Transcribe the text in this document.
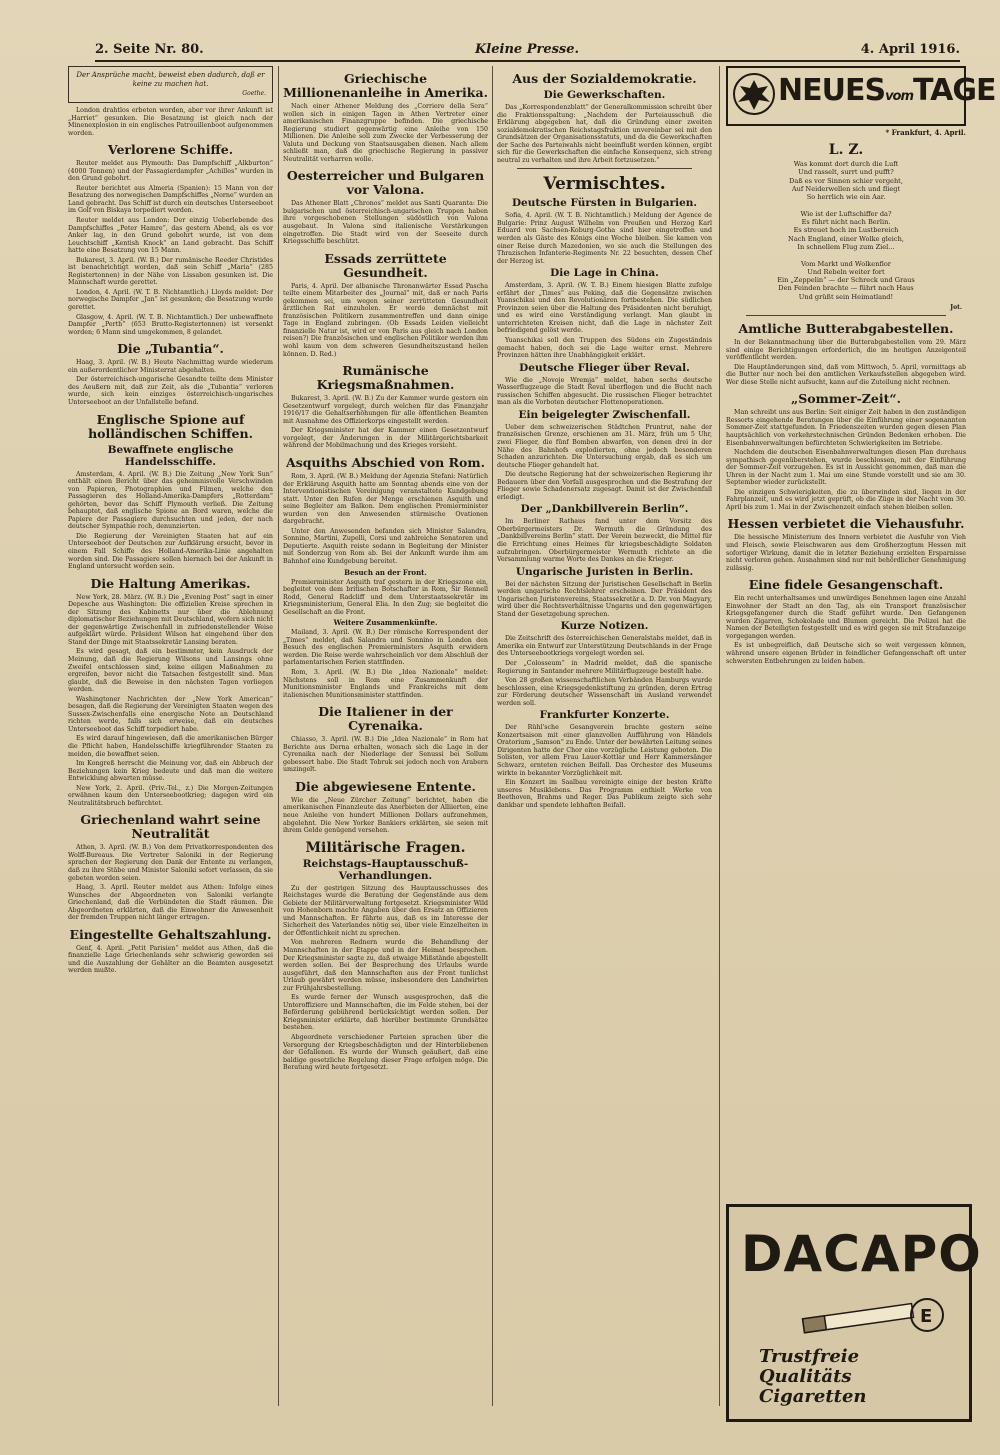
2. Seite Nr. 80.	Kleine Presse.	4. April 1916.
Der Ansprüche macht, beweist eben dadurch, daß er keine zu machen hat.
Goethe.

London drahtlos erbeten worden, aber vor ihrer Ankunft ist „Harriet“ gesunken. Die Besatzung ist gleich nach der Minenexplosion in ein englisches Patrouillenboot aufgenommen worden.

Verlorene Schiffe.

Reuter meldet aus Plymouth: Das Dampfschiff „Alkburton“ (4000 Tonnen) und der Passagierdampfer „Achilles“ wurden in den Grund gebohrt.

Reuter berichtet aus Almeria (Spanien): 15 Mann von der Besatzung des norwegischen Dampfschiffes „Norne“ wurden an Land gebracht. Das Schiff ist durch ein deutsches Unterseeboot im Golf von Biskaya torpediert worden.

Reuter meldet aus London: Der einzig Ueberlebende des Dampfschiffes „Peter Hamre“, das gestern Abend, als es vor Anker lag, in den Grund gebohrt wurde, ist von dem Leuchtschiff „Kentish Knock“ an Land gebracht. Das Schiff hatte eine Besatzung von 15 Mann.

Bukarest, 3. April. (W. B.) Der rumänische Reeder Christides ist benachrichtigt worden, daß sein Schiff „Maria“ (285 Registertonnen) in der Nähe von Lissabon gesunken ist. Die Mannschaft wurde gerettet.

London, 4. April. (W. T. B. Nichtamtlich.) Lloyds meldet: Der norwegische Dampfer „Jan“ ist gesunken; die Besatzung wurde gerettet.

Glasgow, 4. April. (W. T. B. Nichtamtlich.) Der unbewaffnete Dampfer „Perth“ (653 Brutto-Registertonnen) ist versenkt worden; 6 Mann sind umgekommen, 8 gelandet.

Die „Tubantia“.

Haag, 3. April. (W. B.) Heute Nachmittag wurde wiederum ein außerordentlicher Ministerrat abgehalten.

Der österreichisch-ungarische Gesandte teilte dem Minister des Aeußern mit, daß zur Zeit, als die „Tubantia“ verloren wurde, sich kein einziges österreichisch-ungarisches Unterseeboot an der Unfallstelle befand.

Englische Spione auf holländischen Schiffen.
Bewaffnete englische Handelsschiffe.

Amsterdam, 4. April. (W. B.) Die Zeitung „New York Sun“ enthält einen Bericht über das geheimnisvolle Verschwinden von Papieren, Photographien und Filmen, welche den Passagieren des Holland-Amerika-Dampfers „Rotterdam“ gehörten, bevor das Schiff Plymouth verließ. Die Zeitung behauptet, daß englische Spione an Bord waren, welche die Papiere der Passagiere durchsuchten und jeden, der nach deutscher Sympathie roch, denunzierten.

Die Regierung der Vereinigten Staaten hat auf ein Unterseeboot der Deutschen zur Aufklärung ersucht, bevor in einem Fall Schiffe des Holland-Amerika-Linie angehalten worden sind. Die Passagiere sollen hiernach bei der Ankunft in England untersucht worden sein.

Die Haltung Amerikas.

New York, 28. März. (W. B.) Die „Evening Post“ sagt in einer Depesche aus Washington: Die offiziellen Kreise sprechen in der Sitzung des Kabinetts nur über die Ablehnung diplomatischer Beziehungen mit Deutschland, wofern sich nicht der gegenwärtige Zwischenfall in zufriedenstellender Weise aufgeklärt würde. Präsident Wilson hat eingehend über den Stand der Dinge mit Staatssekretär Lansing beraten.

Es wird gesagt, daß ein bestimmter, kein Ausdruck der Meinung, daß die Regierung Wilsons und Lansings ohne Zweifel entschlossen sind, keine eiligen Maßnahmen zu ergreifen, bevor nicht die Tatsachen festgestellt sind. Man glaubt, daß die Beweise in den nächsten Tagen vorliegen werden.

Washingtoner Nachrichten der „New York American“ besagen, daß die Regierung der Vereinigten Staaten wegen des Sussex-Zwischenfalls eine energische Note an Deutschland richten werde, falls sich erweise, daß ein deutsches Unterseeboot das Schiff torpediert habe.

Es wird darauf hingewiesen, daß die amerikanischen Bürger die Pflicht haben, Handelsschiffe kriegführender Staaten zu meiden, die bewaffnet seien.

Im Kongreß herrscht die Meinung vor, daß ein Abbruch der Beziehungen kein Krieg bedeute und daß man die weitere Entwicklung abwarten müsse.

New York, 2. April. (Priv.-Tel., z.) Die Morgen-Zeitungen erwähnen kaum den Unterseebootkrieg; dagegen wird ein Neutralitätsbruch befürchtet.

Griechenland wahrt seine Neutralität

Athen, 3. April. (W. B.) Von dem Privatkorrespondenten des Wolff-Bureaus. Die Vertreter Saloniki in der Regierung sprachen der Regierung den Dank der Entente zu verlangen, daß zu ihre Stäbe und Minister Saloniki sofort verlassen, da sie gebeten worden seien.

Haag, 3. April. Reuter meldet aus Athen: Infolge eines Wunsches der Abgeordneten von Saloniki verlangte Griechenland, daß die Verbündeten die Stadt räumen. Die Abgeordneten erklärten, daß die Einwohner die Anwesenheit der fremden Truppen nicht länger ertragen.

Eingestellte Gehaltszahlung.

Genf, 4. April. „Petit Parisien“ meldet aus Athen, daß die finanzielle Lage Griechenlands sehr schwierig geworden sei und die Auszahlung der Gehälter an die Beamten ausgesetzt werden mußte.

Griechische Millionenanleihe in Amerika.

Nach einer Athener Meldung des „Corriere della Sera“ wollen sich in einigen Tagen in Athen Vertreter einer amerikanischen Finanzgruppe befinden. Die griechische Regierung studiert gegenwärtig eine Anleihe von 150 Millionen. Die Anleihe soll zum Zwecke der Verbesserung der Valuta und Deckung von Staatsausgaben dienen. Nach allem schließt man, daß die griechische Regierung in passiver Neutralität verharren wolle.

Oesterreicher und Bulgaren vor Valona.

Das Athener Blatt „Chronos“ meldet aus Santi Quaranta: Die bulgarischen und österreichisch-ungarischen Truppen haben ihre vorgeschobenen Stellungen südöstlich von Valona ausgebaut. In Valona sind italienische Verstärkungen eingetroffen. Die Stadt wird von der Seeseite durch Kriegsschiffe beschützt.

Essads zerrüttete Gesundheit.

Paris, 4. April. Der albanische Thronanwärter Essad Pascha teilte einem Mitarbeiter des „Journal“ mit, daß er nach Paris gekommen sei, um wegen seiner zerrütteten Gesundheit ärztlichen Rat einzuholen. Er werde demnächst mit französischen Politikern zusammentreffen und dann einige Tage in England zubringen. (Ob Essads Leiden vielleicht finanzielle Natur ist, wird er von Paris aus gleich nach London reisen?) Die französischen und englischen Politiker werden ihm wohl kaum von dem schweren Gesundheitszustand heilen können. D. Red.)

Rumänische Kriegsmaßnahmen.

Bukarest, 3. April. (W. B.) Zu der Kammer wurde gestern ein Gesetzentwurf vorgelegt, durch welchen für das Finanzjahr 1916/17 die Gehaltserhöhungen für alle öffentlichen Beamten mit Ausnahme des Offizierkorps eingestellt werden.

Der Kriegsminister hat der Kammer einen Gesetzentwurf vorgelegt, der Änderungen in der Militärgerichtsbarkeit während der Mobilmachung und des Krieges vorsieht.

Asquiths Abschied von Rom.

Rom, 3. April. (W. B.) Meldung der Agenzia Stefani: Natürlich der Erklärung Asquith hatte am Sonntag abends eine von der Interventionistischen Vereinigung veranstaltete Kundgebung statt. Unter den Rufen der Menge erschienen Asquith und seine Begleiter am Balkon. Dem englischen Premierminister wurden von den Anwesenden stürmische Ovationen dargebracht.

Unter den Anwesenden befanden sich Minister Salandra, Sonnino, Martini, Zupelli, Corsi und zahlreiche Senatoren und Deputierte. Asquith reiste sodann in Begleitung der Minister mit Sonderzug von Rom ab. Bei der Ankunft wurde ihm am Bahnhof eine Kundgebung bereitet.

Besuch an der Front.

Premierminister Asquith traf gestern in der Kriegszone ein, begleitet von dem britischen Botschafter in Rom, Sir Rennell Rodd, General Radcliff und dem Unterstaatssekretär im Kriegsministerium, General Elia. In den Zug; sie begleitet die Gesellschaft an die Front.

Weitere Zusammenkünfte.

Mailand, 3. April. (W. B.) Der römische Korrespondent der „Times“ meldet, daß Salandra und Sonnino in London den Besuch des englischen Premierministers Asquith erwidern werden. Die Reise werde wahrscheinlich vor dem Abschluß der parlamentarischen Ferien stattfinden.

Rom, 3. April. (W. B.) Die „Idea Nazionale“ meldet: Nächstens soll in Rom eine Zusammenkunft der Munitionsminister Englands und Frankreichs mit dem italienischen Munitionsminister stattfinden.

Die Italiener in der Cyrenaika.

Chiasso, 3. April. (W. B.) Die „Idea Nazionale“ in Rom hat Berichte aus Derna erhalten, wonach sich die Lage in der Cyrenaika nach der Niederlage der Senussi bei Sollum gebessert habe. Die Stadt Tobruk sei jedoch noch von Arabern umzingelt.

Die abgewiesene Entente.

Wie die „Neue Zürcher Zeitung“ berichtet, haben die amerikanischen Finanzleute das Anerbieten der Alliierten, eine neue Anleihe von hundert Millionen Dollars aufzunehmen, abgelehnt. Die New Yorker Bankiers erklärten, sie seien mit ihrem Gelde genügend versehen.

Militärische Fragen.
Reichstags-Hauptausschuß-Verhandlungen.

Zu der gestrigen Sitzung des Hauptausschusses des Reichstages wurde die Beratung der Gegenstände aus dem Gebiete der Militärverwaltung fortgesetzt. Kriegsminister Wild von Hohenborn machte Angaben über den Ersatz an Offizieren und Mannschaften. Er führte aus, daß es im Interesse der Sicherheit des Vaterlandes nötig sei, über viele Einzelheiten in der Öffentlichkeit nicht zu sprechen.

Von mehreren Rednern wurde die Behandlung der Mannschaften in der Etappe und in der Heimat besprochen. Der Kriegsminister sagte zu, daß etwaige Mißstände abgestellt werden sollen. Bei der Besprechung des Urlaubs wurde ausgeführt, daß den Mannschaften aus der Front tunlichst Urlaub gewährt werden müsse, insbesondere den Landwirten zur Frühjahrsbestellung.

Es wurde ferner der Wunsch ausgesprochen, daß die Unteroffiziere und Mannschaften, die im Felde stehen, bei der Beförderung gebührend berücksichtigt werden sollen. Der Kriegsminister erklärte, daß hierüber bestimmte Grundsätze bestehen.

Abgeordnete verschiedener Parteien sprachen über die Versorgung der Kriegsbeschädigten und der Hinterbliebenen der Gefallenen. Es wurde der Wunsch geäußert, daß eine baldige gesetzliche Regelung dieser Frage erfolgen möge. Die Beratung wird heute fortgesetzt.

Aus der Sozialdemokratie.
Die Gewerkschaften.

Das „Korrespondenzblatt“ der Generalkommission schreibt über die Fraktionsspaltung: „Nachdem der Parteiausschuß die Erklärung abgegeben hat, daß die Gründung einer zweiten sozialdemokratischen Reichstagsfraktion unvereinbar sei mit den Grundsätzen der Organisationsstatuts, und da die Gewerkschaften der Sache des Parteiwahls nicht beeinflußt werden können, ergibt sich für die Gewerkschaften die einfache Konsequenz, sich streng neutral zu verhalten und ihre Arbeit fortzusetzen.“

Vermischtes.
Deutsche Fürsten in Bulgarien.

Sofia, 4. April. (W. T. B. Nichtamtlich.) Meldung der Agence de Bulgarie: Prinz August Wilhelm von Preußen und Herzog Karl Eduard von Sachsen-Koburg-Gotha sind hier eingetroffen und werden als Gäste des Königs eine Woche bleiben. Sie kamen von einer Reise durch Mazedonien, wo sie auch die Stellungen des Thrazischen Infanterie-Regiments Nr. 22 besuchten, dessen Chef der Herzog ist.

Die Lage in China.

Amsterdam, 3. April. (W. T. B.) Einem hiesigen Blatte zufolge erfährt der „Times“ aus Peking, daß die Gegensätze zwischen Yuanschikai und den Revolutionären fortbestehen. Die südlichen Provinzen seien über die Haltung des Präsidenten nicht beruhigt, und es wird eine Verständigung verlangt. Man glaubt in unterrichteten Kreisen nicht, daß die Lage in nächster Zeit befriedigend gelöst werde.

Yuanschikai soll den Truppen des Südens ein Zugeständnis gemacht haben, doch sei die Lage weiter ernst. Mehrere Provinzen hätten ihre Unabhängigkeit erklärt.

Deutsche Flieger über Reval.

Wie die „Novoje Wremja“ meldet, haben sechs deutsche Wasserflugzeuge die Stadt Reval überflogen und die Bucht nach russischen Schiffen abgesucht. Die russischen Flieger betrachtet man als die Vorboten deutscher Flottenoperationen.

Ein beigelegter Zwischenfall.

Ueber dem schweizerischen Städtchen Pruntrut, nahe der französischen Grenze, erschienen am 31. März, früh um 5 Uhr, zwei Flieger, die fünf Bomben abwarfen, von denen drei in der Nähe des Bahnhofs explodierten, ohne jedoch besonderen Schaden anzurichten. Die Untersuchung ergab, daß es sich um deutsche Flieger gehandelt hat.

Die deutsche Regierung hat der schweizerischen Regierung ihr Bedauern über den Vorfall ausgesprochen und die Bestrafung der Flieger sowie Schadenersatz zugesagt. Damit ist der Zwischenfall erledigt.

Der „Dankbillverein Berlin“.

Im Berliner Rathaus fand unter dem Vorsitz des Oberbürgermeisters Dr. Wermuth die Gründung des „Dankbillvereins Berlin“ statt. Der Verein bezweckt, die Mittel für die Errichtung eines Heimes für kriegsbeschädigte Soldaten aufzubringen. Oberbürgermeister Wermuth richtete an die Versammlung warme Worte des Dankes an die Krieger.

Ungarische Juristen in Berlin.

Bei der nächsten Sitzung der Juristischen Gesellschaft in Berlin werden ungarische Rechtslehrer erscheinen. Der Präsident des Ungarischen Juristenvereins, Staatssekretär a. D. Dr. von Magyary, wird über die Rechtsverhältnisse Ungarns und den gegenwärtigen Stand der Gesetzgebung sprechen.

Kurze Notizen.

Die Zeitschrift des österreichischen Generalstabs meldet, daß in Amerika ein Entwurf zur Unterstützung Deutschlands in der Frage des Unterseebootkriegs vorgelegt worden sei.

Der „Colosseum“ in Madrid meldet, daß die spanische Regierung in Santander mehrere Militärflugzeuge bestellt habe.

Von 28 großen wissenschaftlichen Verbänden Hamburgs wurde beschlossen, eine Kriegsgedenkstiftung zu gründen, deren Ertrag zur Förderung deutscher Wissenschaft im Ausland verwendet werden soll.

Frankfurter Konzerte.

Der Rühl'sche Gesangverein brachte gestern seine Konzertsaison mit einer glanzvollen Aufführung von Händels Oratorium „Samson“ zu Ende. Unter der bewährten Leitung seines Dirigenten hatte der Chor eine vorzügliche Leistung geboten. Die Solisten, vor allem Frau Lauer-Kottlar und Herr Kammersänger Schwarz, ernteten reichen Beifall. Das Orchester des Museums wirkte in bekannter Vorzüglichkeit mit.

Ein Konzert im Saalbau vereinigte einige der besten Kräfte unseres Musiklebens. Das Programm enthielt Werke von Beethoven, Brahms und Reger. Das Publikum zeigte sich sehr dankbar und spendete lebhaften Beifall.

NEUESvomTAGE
* Frankfurt, 4. April.
L. Z.
Was kommt dort durch die Luft
Und rasselt, surrt und pufft?
Daß es vor Sinnen schier vergeht,
Auf Neiderwellen sich und fliegt
So herrlich wie ein Aar.

Wie ist der Luftschiffer da?
Es führt nicht nach Berlin.
Es streuet hoch im Lustbereich
Nach England, einer Wolke gleich,
In schnellem Flug zum Ziel...

Vom Markt und Wolkenflor
Und Rebeln weiter fort
Ein „Zeppelin“ — der Schreck und Graus
Den Feinden brachte — führt nach Haus
Und grüßt sein Heimatland!
Jot.
Amtliche Butterabgabestellen.

In der Bekanntmachung über die Butterabgabestellen vom 29. März sind einige Berichtigungen erforderlich, die im heutigen Anzeigenteil veröffentlicht werden.

Die Hauptänderungen sind, daß vom Mittwoch, 5. April, vormittags ab die Butter nur noch bei den amtlichen Verkaufsstellen abgegeben wird. Wer diese Stelle nicht aufsucht, kann auf die Zuteilung nicht rechnen.

„Sommer-Zeit“.

Man schreibt uns aus Berlin: Seit einiger Zeit haben in den zuständigen Ressorts eingehende Beratungen über die Einführung einer sogenannten Sommer-Zeit stattgefunden. In Friedenszeiten wurden gegen diesen Plan hauptsächlich von verkehrstechnischen Gründen Bedenken erhoben. Die Eisenbahnverwaltungen befürchteten Schwierigkeiten im Betriebe.

Nachdem die deutschen Eisenbahnverwaltungen diesen Plan durchaus sympathisch gegenüberstehen, wurde beschlossen, mit der Einführung der Sommer-Zeit vorzugehen. Es ist in Aussicht genommen, daß man die Uhren in der Nacht zum 1. Mai um eine Stunde vorstellt und sie am 30. September wieder zurückstellt.

Die einzigen Schwierigkeiten, die zu überwinden sind, liegen in der Fahrplanzeit, und es wird jetzt geprüft, ob die Züge in der Nacht vom 30. April bis zum 1. Mai in der Zwischenzeit einfach stehen bleiben sollen.

Hessen verbietet die Viehausfuhr.

Die hessische Ministerium des Innern verbietet die Ausfuhr von Vieh und Fleisch, sowie Fleischwaren aus dem Großherzogtum Hessen mit sofortiger Wirkung, damit die in letzter Beziehung erzielten Ersparnisse nicht verloren gehen. Ausnahmen sind nur mit behördlicher Genehmigung zulässig.

Eine fidele Gesangenschaft.

Ein recht unterhaltsames und unwürdiges Benehmen lagen eine Anzahl Einwohner der Stadt an den Tag, als ein Transport französischer Kriegsgefangener durch die Stadt geführt wurde. Den Gefangenen wurden Zigarren, Schokolade und Blumen gereicht. Die Polizei hat die Namen der Beteiligten festgestellt und es wird gegen sie mit Strafanzeige vorgegangen werden.

Es ist unbegreiflich, daß Deutsche sich so weit vergessen können, während unsere eigenen Brüder in feindlicher Gefangenschaft oft unter schwersten Entbehrungen zu leiden haben.

DACAPO
E
Trustfreie
Qualitäts
Cigaretten
